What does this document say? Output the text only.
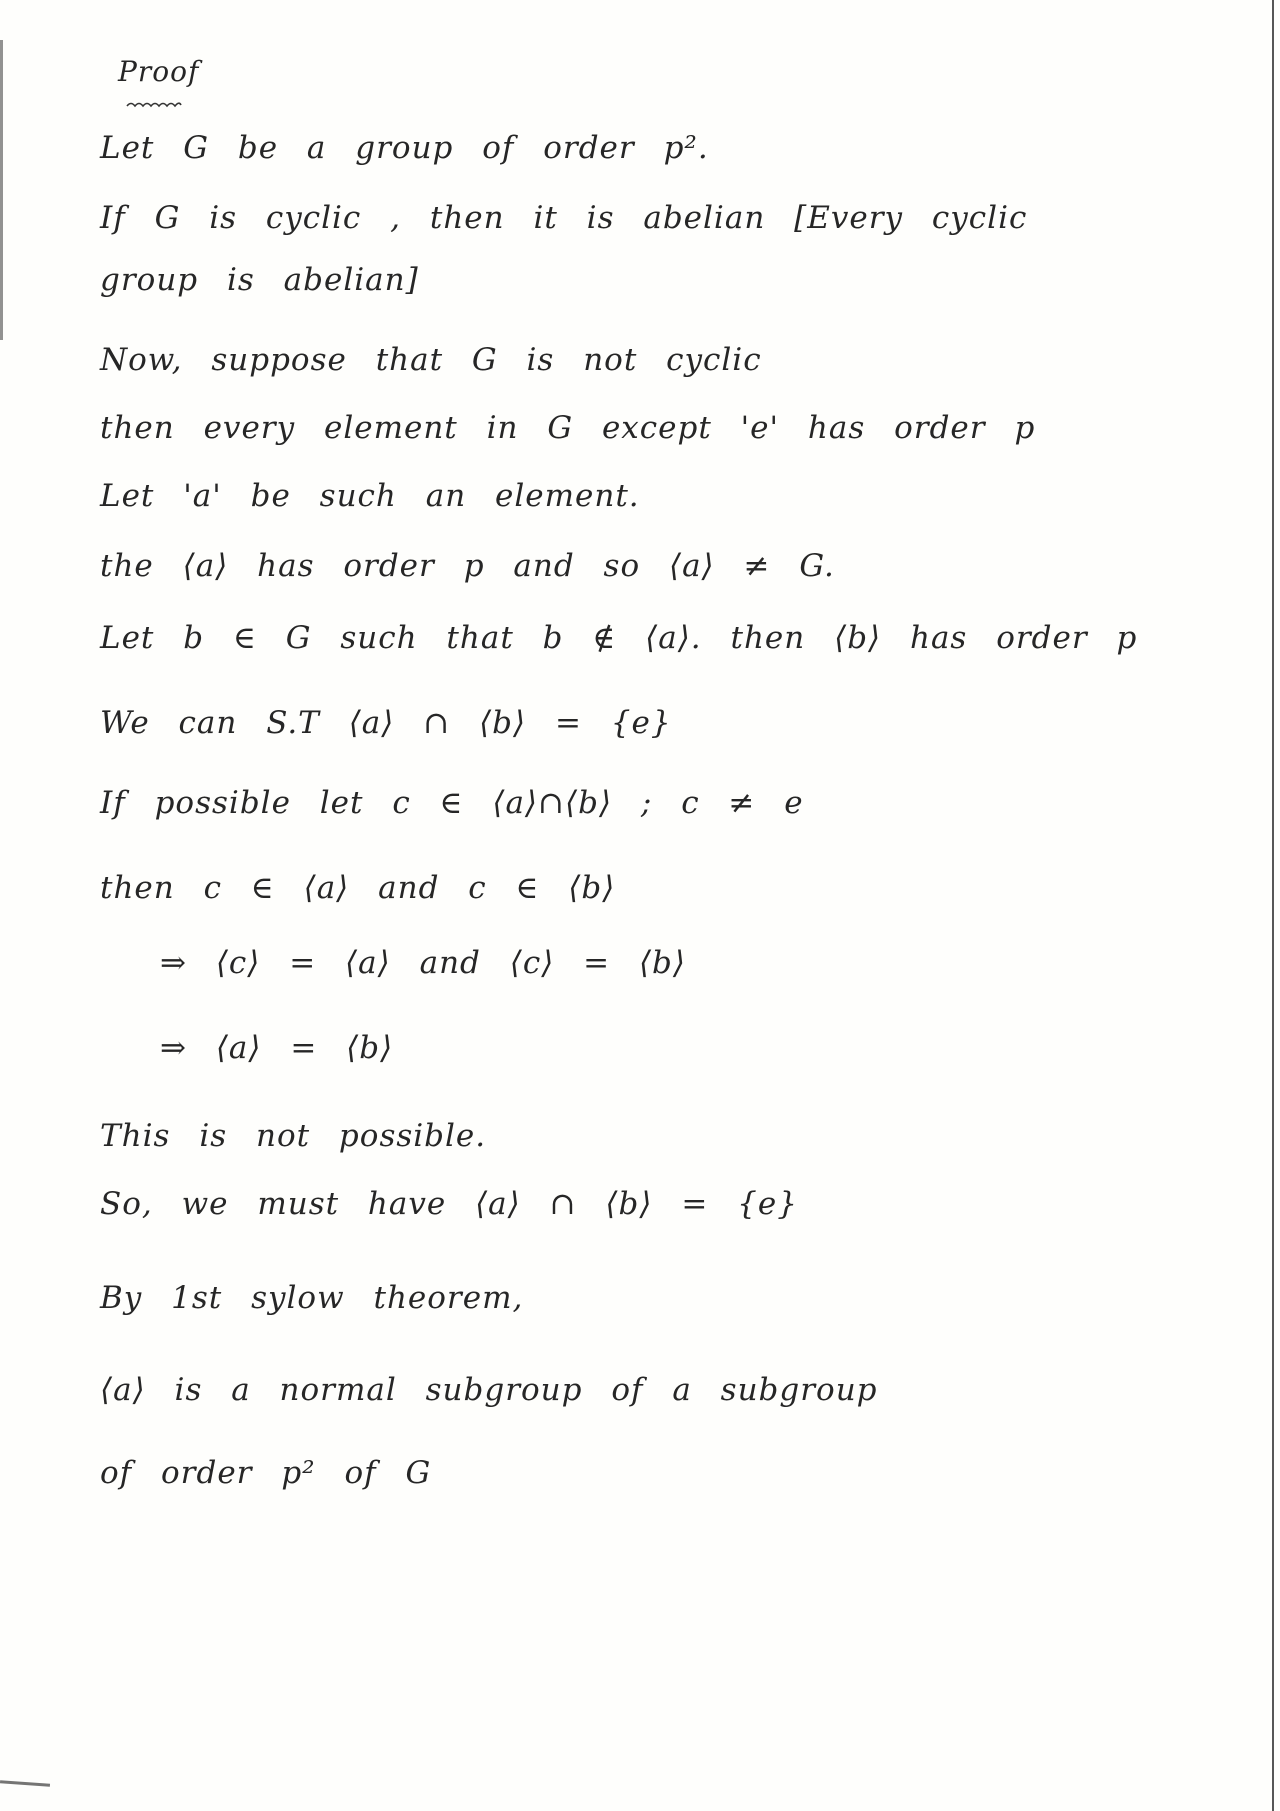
Proof
Let G be a group of order p².
If G is cyclic , then it is abelian [Every cyclic
group is abelian]
Now, suppose that G is not cyclic
then every element in G except 'e' has order p
Let 'a' be such an element.
the ⟨a⟩ has order p and so ⟨a⟩ ≠ G.
Let b ∈ G such that b ∉ ⟨a⟩. then ⟨b⟩ has order p
We can S.T ⟨a⟩ ∩ ⟨b⟩ = {e}
If possible let c ∈ ⟨a⟩∩⟨b⟩ ; c ≠ e
then c ∈ ⟨a⟩ and c ∈ ⟨b⟩
⇒ ⟨c⟩ = ⟨a⟩ and ⟨c⟩ = ⟨b⟩
⇒ ⟨a⟩ = ⟨b⟩
This is not possible.
So, we must have ⟨a⟩ ∩ ⟨b⟩ = {e}
By 1st sylow theorem,
⟨a⟩ is a normal subgroup of a subgroup
of order p² of G
